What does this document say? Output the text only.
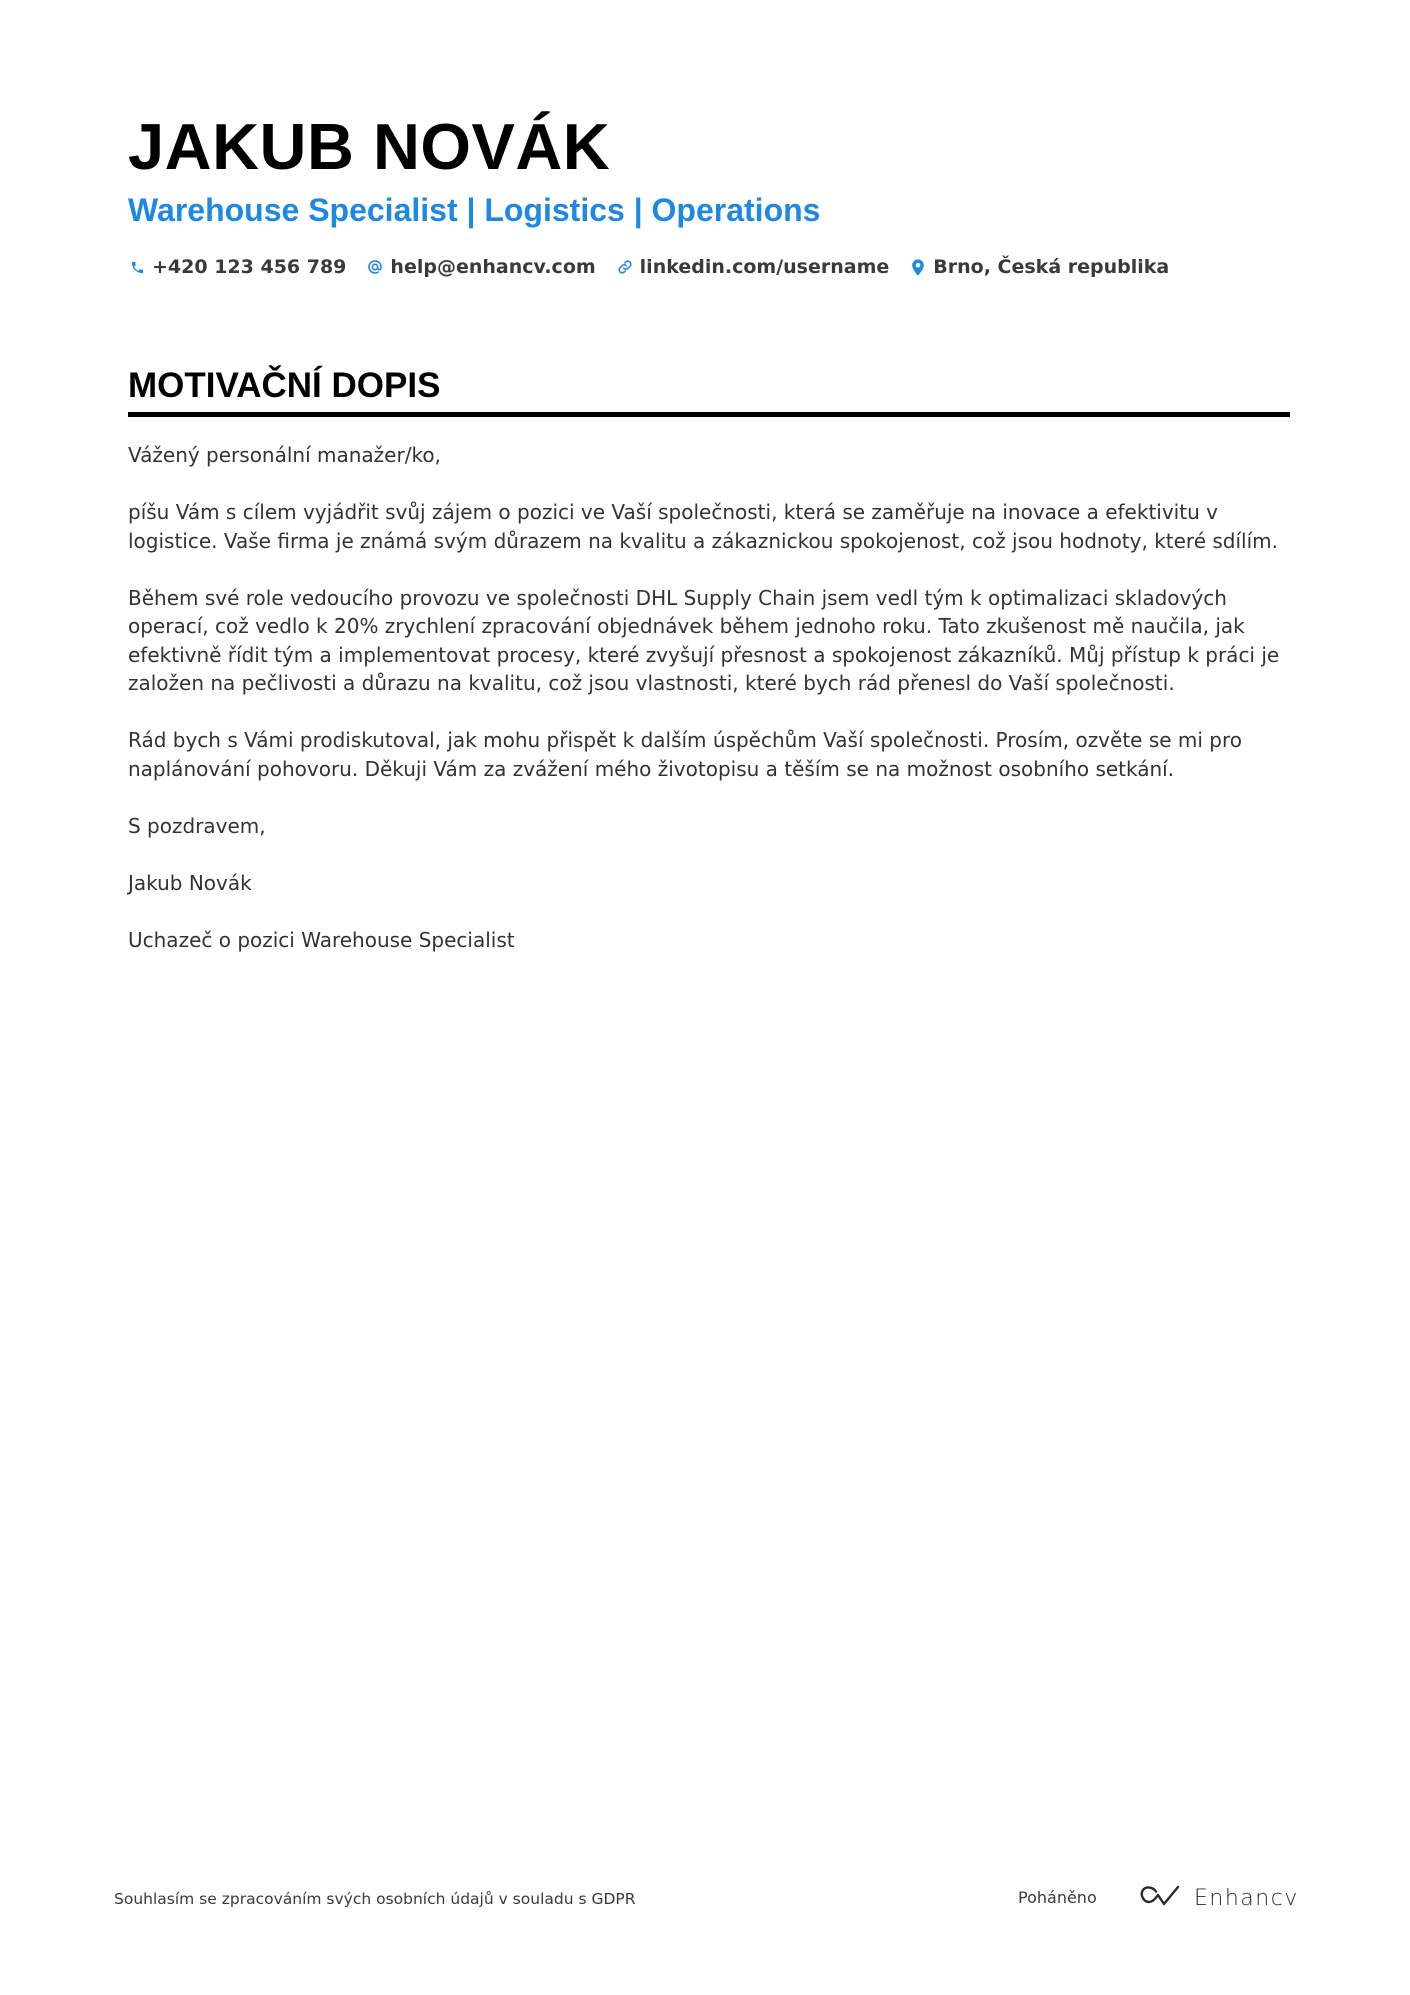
JAKUB NOVÁK
Warehouse Specialist | Logistics | Operations
+420 123 456 789 help@enhancv.com linkedin.com/username Brno, Česká republika
MOTIVAČNÍ DOPIS

Vážený personální manažer/ko,

píšu Vám s cílem vyjádřit svůj zájem o pozici ve Vaší společnosti, která se zaměřuje na inovace a efektivitu v logistice. Vaše firma je známá svým důrazem na kvalitu a zákaznickou spokojenost, což jsou hodnoty, které sdílím.

Během své role vedoucího provozu ve společnosti DHL Supply Chain jsem vedl tým k optimalizaci skladových operací, což vedlo k 20% zrychlení zpracování objednávek během jednoho roku. Tato zkušenost mě naučila, jak efektivně řídit tým a implementovat procesy, které zvyšují přesnost a spokojenost zákazníků. Můj přístup k práci je založen na pečlivosti a důrazu na kvalitu, což jsou vlastnosti, které bych rád přenesl do Vaší společnosti.

Rád bych s Vámi prodiskutoval, jak mohu přispět k dalším úspěchům Vaší společnosti. Prosím, ozvěte se mi pro naplánování pohovoru. Děkuji Vám za zvážení mého životopisu a těším se na možnost osobního setkání.

S pozdravem,

Jakub Novák

Uchazeč o pozici Warehouse Specialist

Souhlasím se zpracováním svých osobních údajů v souladu s GDPR	Poháněno	Enhancv
